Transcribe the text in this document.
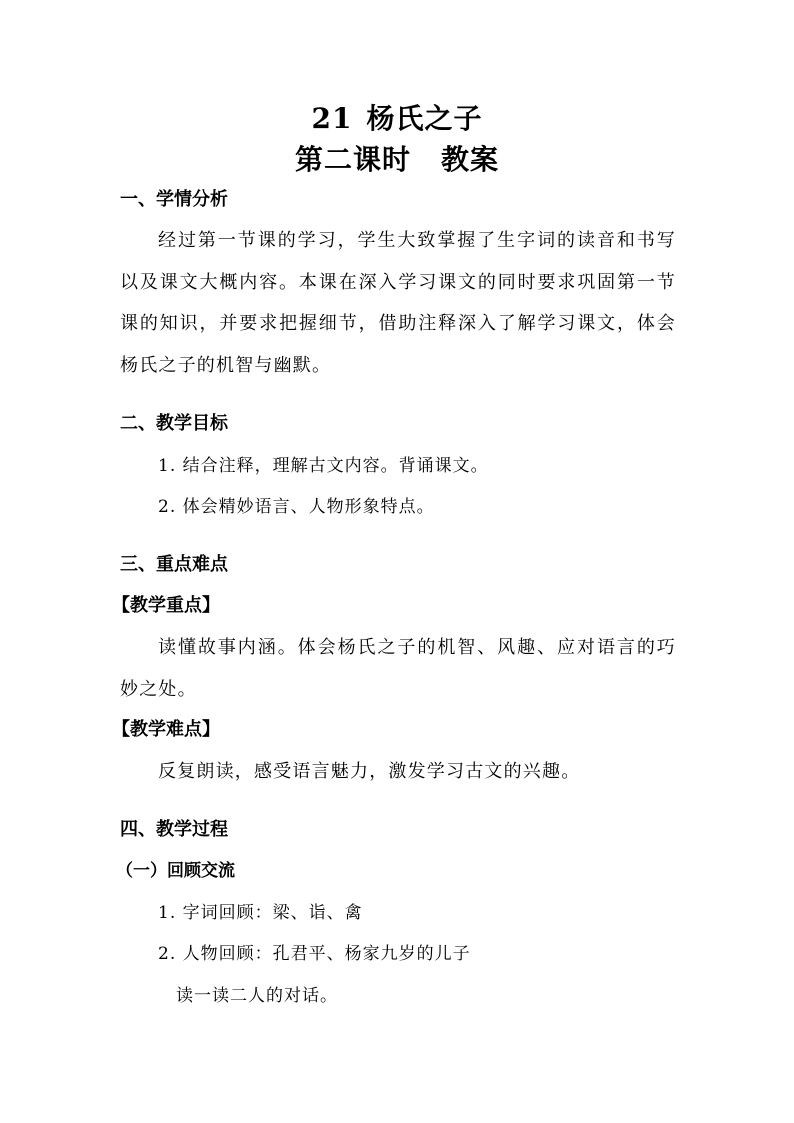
21 杨氏之子
第二课时 教案
一、学情分析
经过第一节课的学习，学生大致掌握了生字词的读音和书写以及课文大概内容。本课在深入学习课文的同时要求巩固第一节课的知识，并要求把握细节，借助注释深入了解学习课文，体会杨氏之子的机智与幽默。
二、教学目标
1. 结合注释，理解古文内容。背诵课文。
2. 体会精妙语言、人物形象特点。
三、重点难点
【教学重点】
读懂故事内涵。体会杨氏之子的机智、风趣、应对语言的巧妙之处。
【教学难点】
反复朗读，感受语言魅力，激发学习古文的兴趣。
四、教学过程
（一）回顾交流
1. 字词回顾：梁、诣、禽
2. 人物回顾：孔君平、杨家九岁的儿子
读一读二人的对话。
